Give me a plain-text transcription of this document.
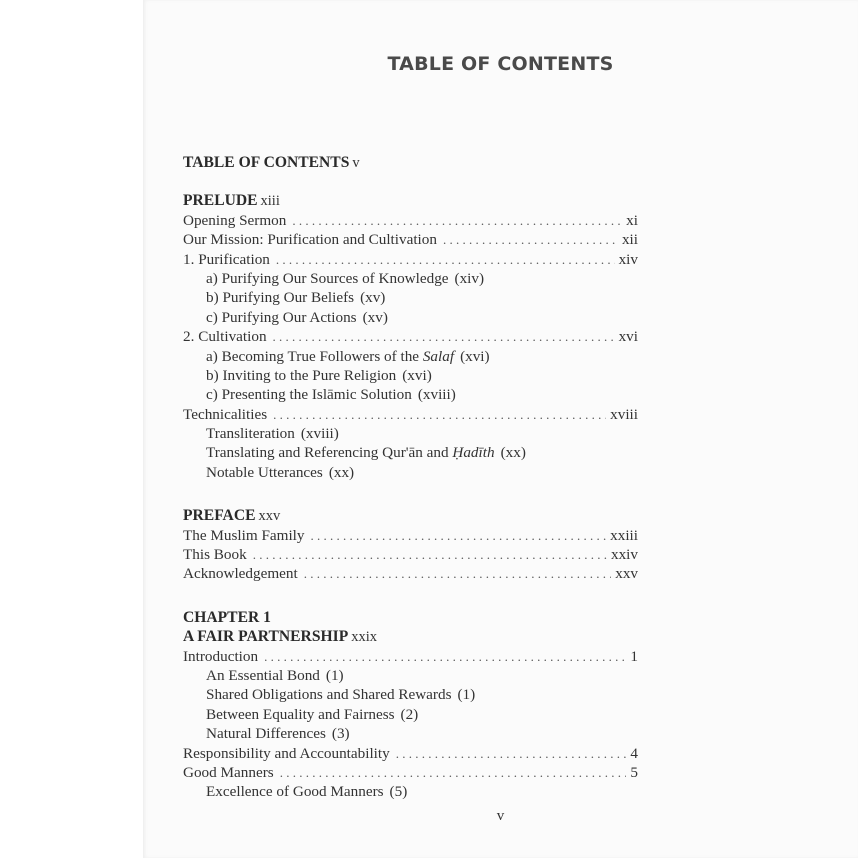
TABLE OF CONTENTS
TABLE OF CONTENTS v
PRELUDE xiii
Opening Sermon . . .	xi
Our Mission: Purification and Cultivation . . .	xii
1. Purification . . .	xiv
a) Purifying Our Sources of Knowledge (xiv)
b) Purifying Our Beliefs (xv)
c) Purifying Our Actions (xv)
2. Cultivation . . .	xvi
a) Becoming True Followers of the Salaf (xvi)
b) Inviting to the Pure Religion (xvi)
c) Presenting the Islāmic Solution (xviii)
Technicalities . . .	xviii
Transliteration (xviii)
Translating and Referencing Qur'ān and Ḥadīth (xx)
Notable Utterances (xx)
PREFACE xxv
The Muslim Family . . .	xxiii
This Book . . .	xxiv
Acknowledgement . . .	xxv
CHAPTER 1
A FAIR PARTNERSHIP xxix
Introduction . . .	1
An Essential Bond (1)
Shared Obligations and Shared Rewards (1)
Between Equality and Fairness (2)
Natural Differences (3)
Responsibility and Accountability . . .	4
Good Manners . . .	5
Excellence of Good Manners (5)
v
